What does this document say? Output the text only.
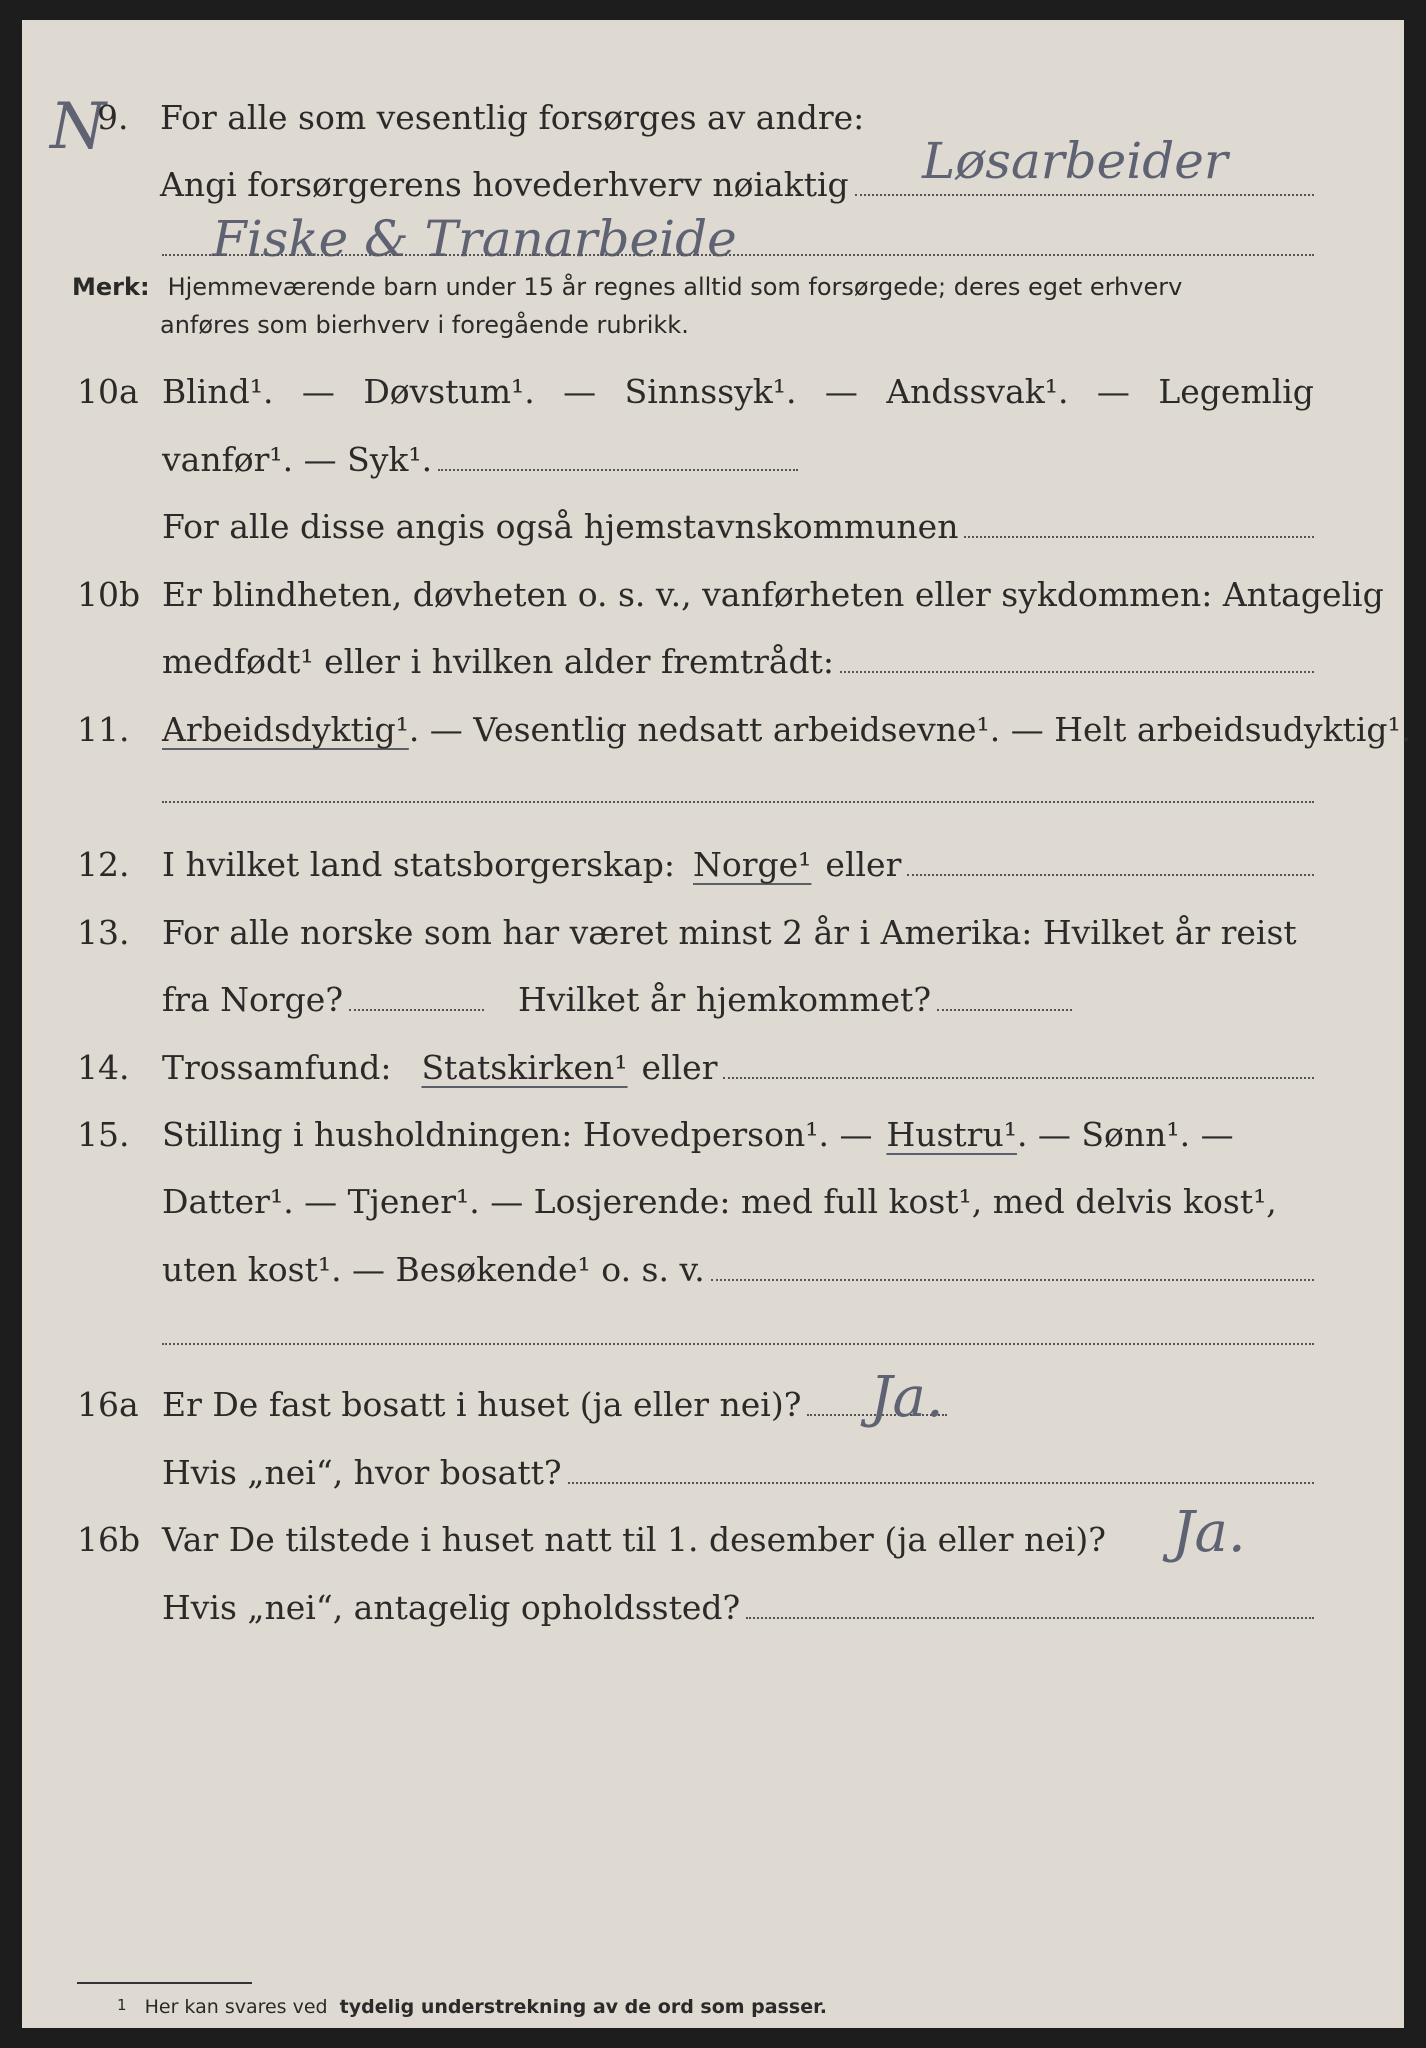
N
9. For alle som vesentlig forsørges av andre:
Angi forsørgerens hovederhverv nøiaktig Løsarbeider
Fiske & Tranarbeide
Merk: Hjemmeværende barn under 15 år regnes alltid som forsørgede; deres eget erhverv
anføres som bierhverv i foregående rubrikk.
10a Blind¹. — Døvstum¹. — Sinnssyk¹. — Andssvak¹. — Legemlig
vanfør¹. — Syk¹.
For alle disse angis også hjemstavnskommunen
10b Er blindheten, døvheten o. s. v., vanførheten eller sykdommen: Antagelig
medfødt¹ eller i hvilken alder fremtrådt:
11. Arbeidsdyktig¹. — Vesentlig nedsatt arbeidsevne¹. — Helt arbeidsudyktig¹.
12. I hvilket land statsborgerskap: Norge¹ eller
13. For alle norske som har været minst 2 år i Amerika: Hvilket år reist
fra Norge?	Hvilket år hjemkommet?
14. Trossamfund: Statskirken¹ eller
15. Stilling i husholdningen: Hovedperson¹. — Hustru¹ . — Sønn¹. —
Datter¹. — Tjener¹. — Losjerende: med full kost¹, med delvis kost¹,
uten kost¹. — Besøkende¹ o. s. v.
16a Er De fast bosatt i huset (ja eller nei)? Ja.
Hvis „nei“, hvor bosatt?
16b Var De tilstede i huset natt til 1. desember (ja eller nei)? Ja.
Hvis „nei“, antagelig opholdssted?
$^1$ Her kan svares ved tydelig understrekning av de ord som passer.
